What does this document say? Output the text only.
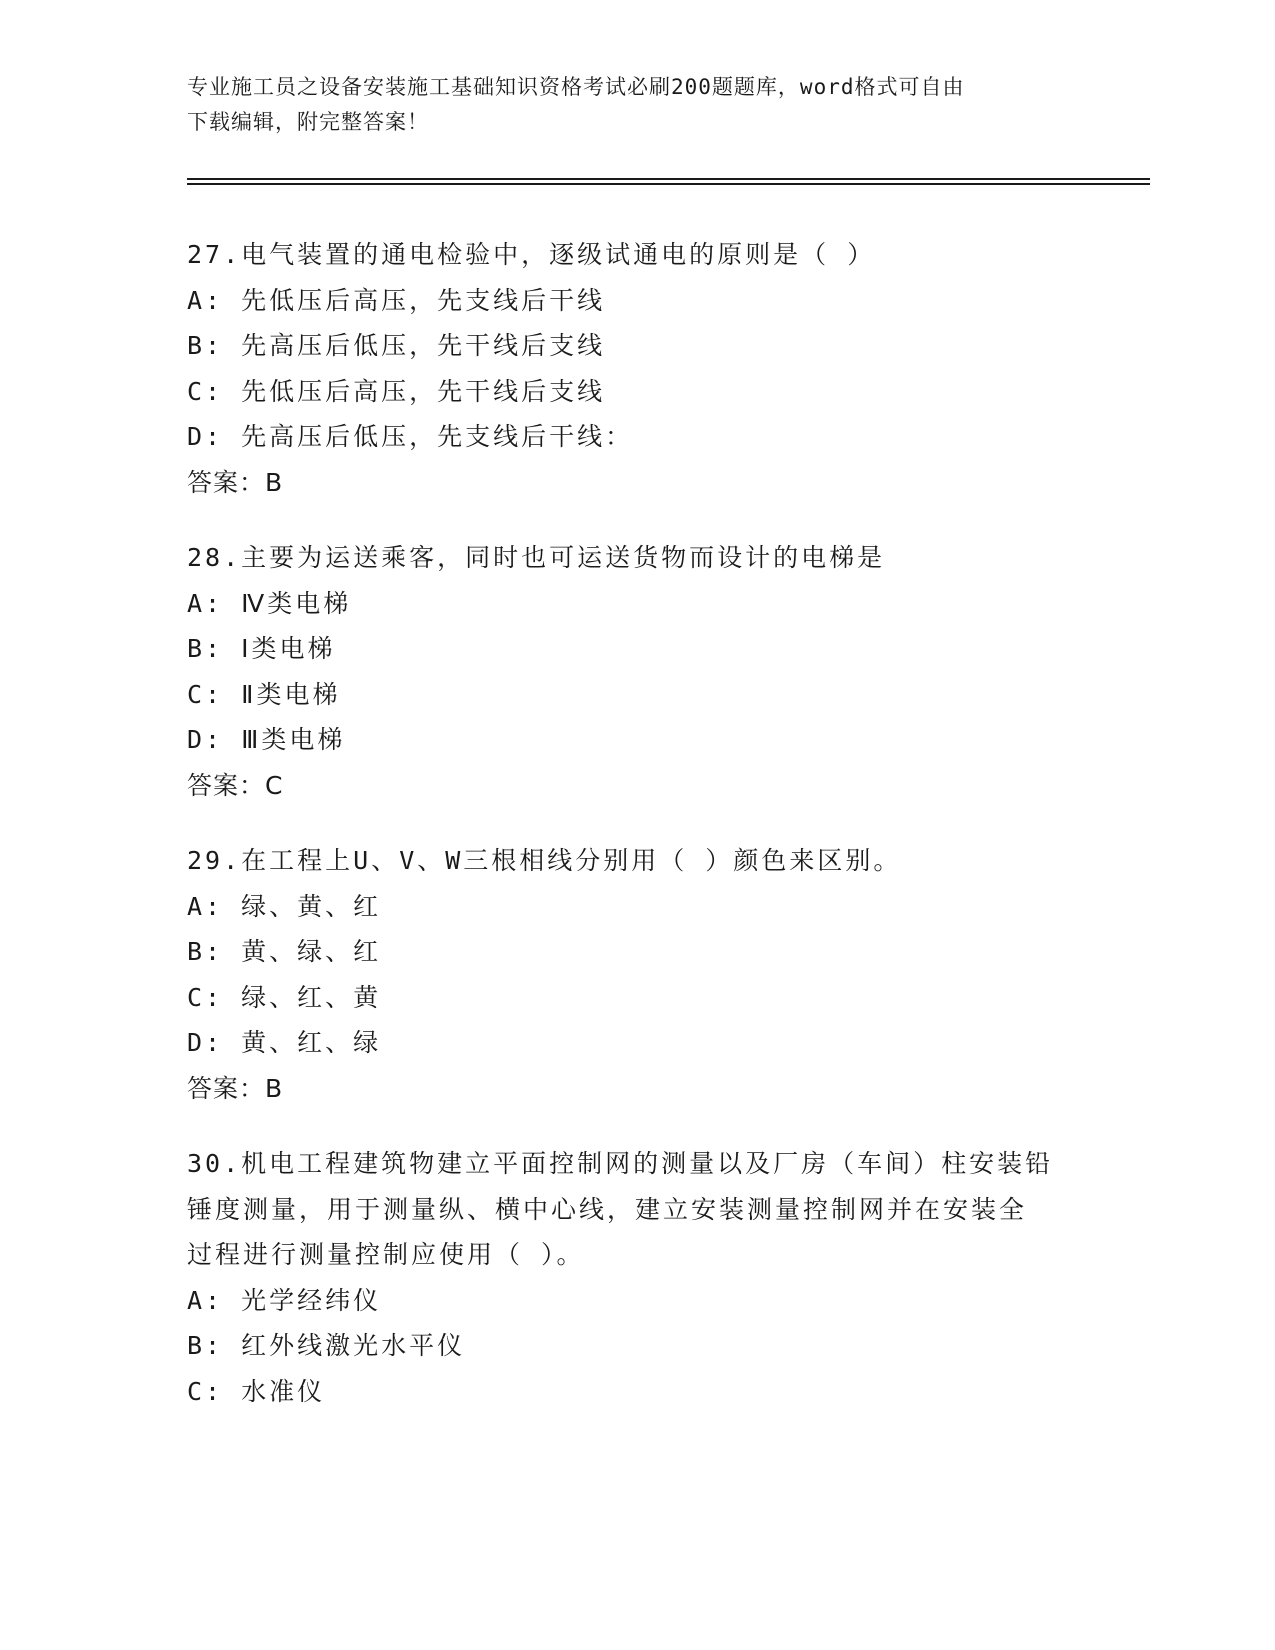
专业施工员之设备安装施工基础知识资格考试必刷200题题库，word格式可自由
下载编辑，附完整答案！
27.电气装置的通电检验中，逐级试通电的原则是（ ）
A: 先低压后高压，先支线后干线
B: 先高压后低压，先干线后支线
C: 先低压后高压，先干线后支线
D: 先高压后低压，先支线后干线：
答案：B
28.主要为运送乘客，同时也可运送货物而设计的电梯是
A: Ⅳ类电梯
B: Ⅰ类电梯
C: Ⅱ类电梯
D: Ⅲ类电梯
答案：C
29.在工程上U、V、W三根相线分别用（ ）颜色来区别。
A: 绿、黄、红
B: 黄、绿、红
C: 绿、红、黄
D: 黄、红、绿
答案：B
30.机电工程建筑物建立平面控制网的测量以及厂房（车间）柱安装铅
锤度测量，用于测量纵、横中心线，建立安装测量控制网并在安装全
过程进行测量控制应使用（ ）。
A: 光学经纬仪
B: 红外线激光水平仪
C: 水准仪
